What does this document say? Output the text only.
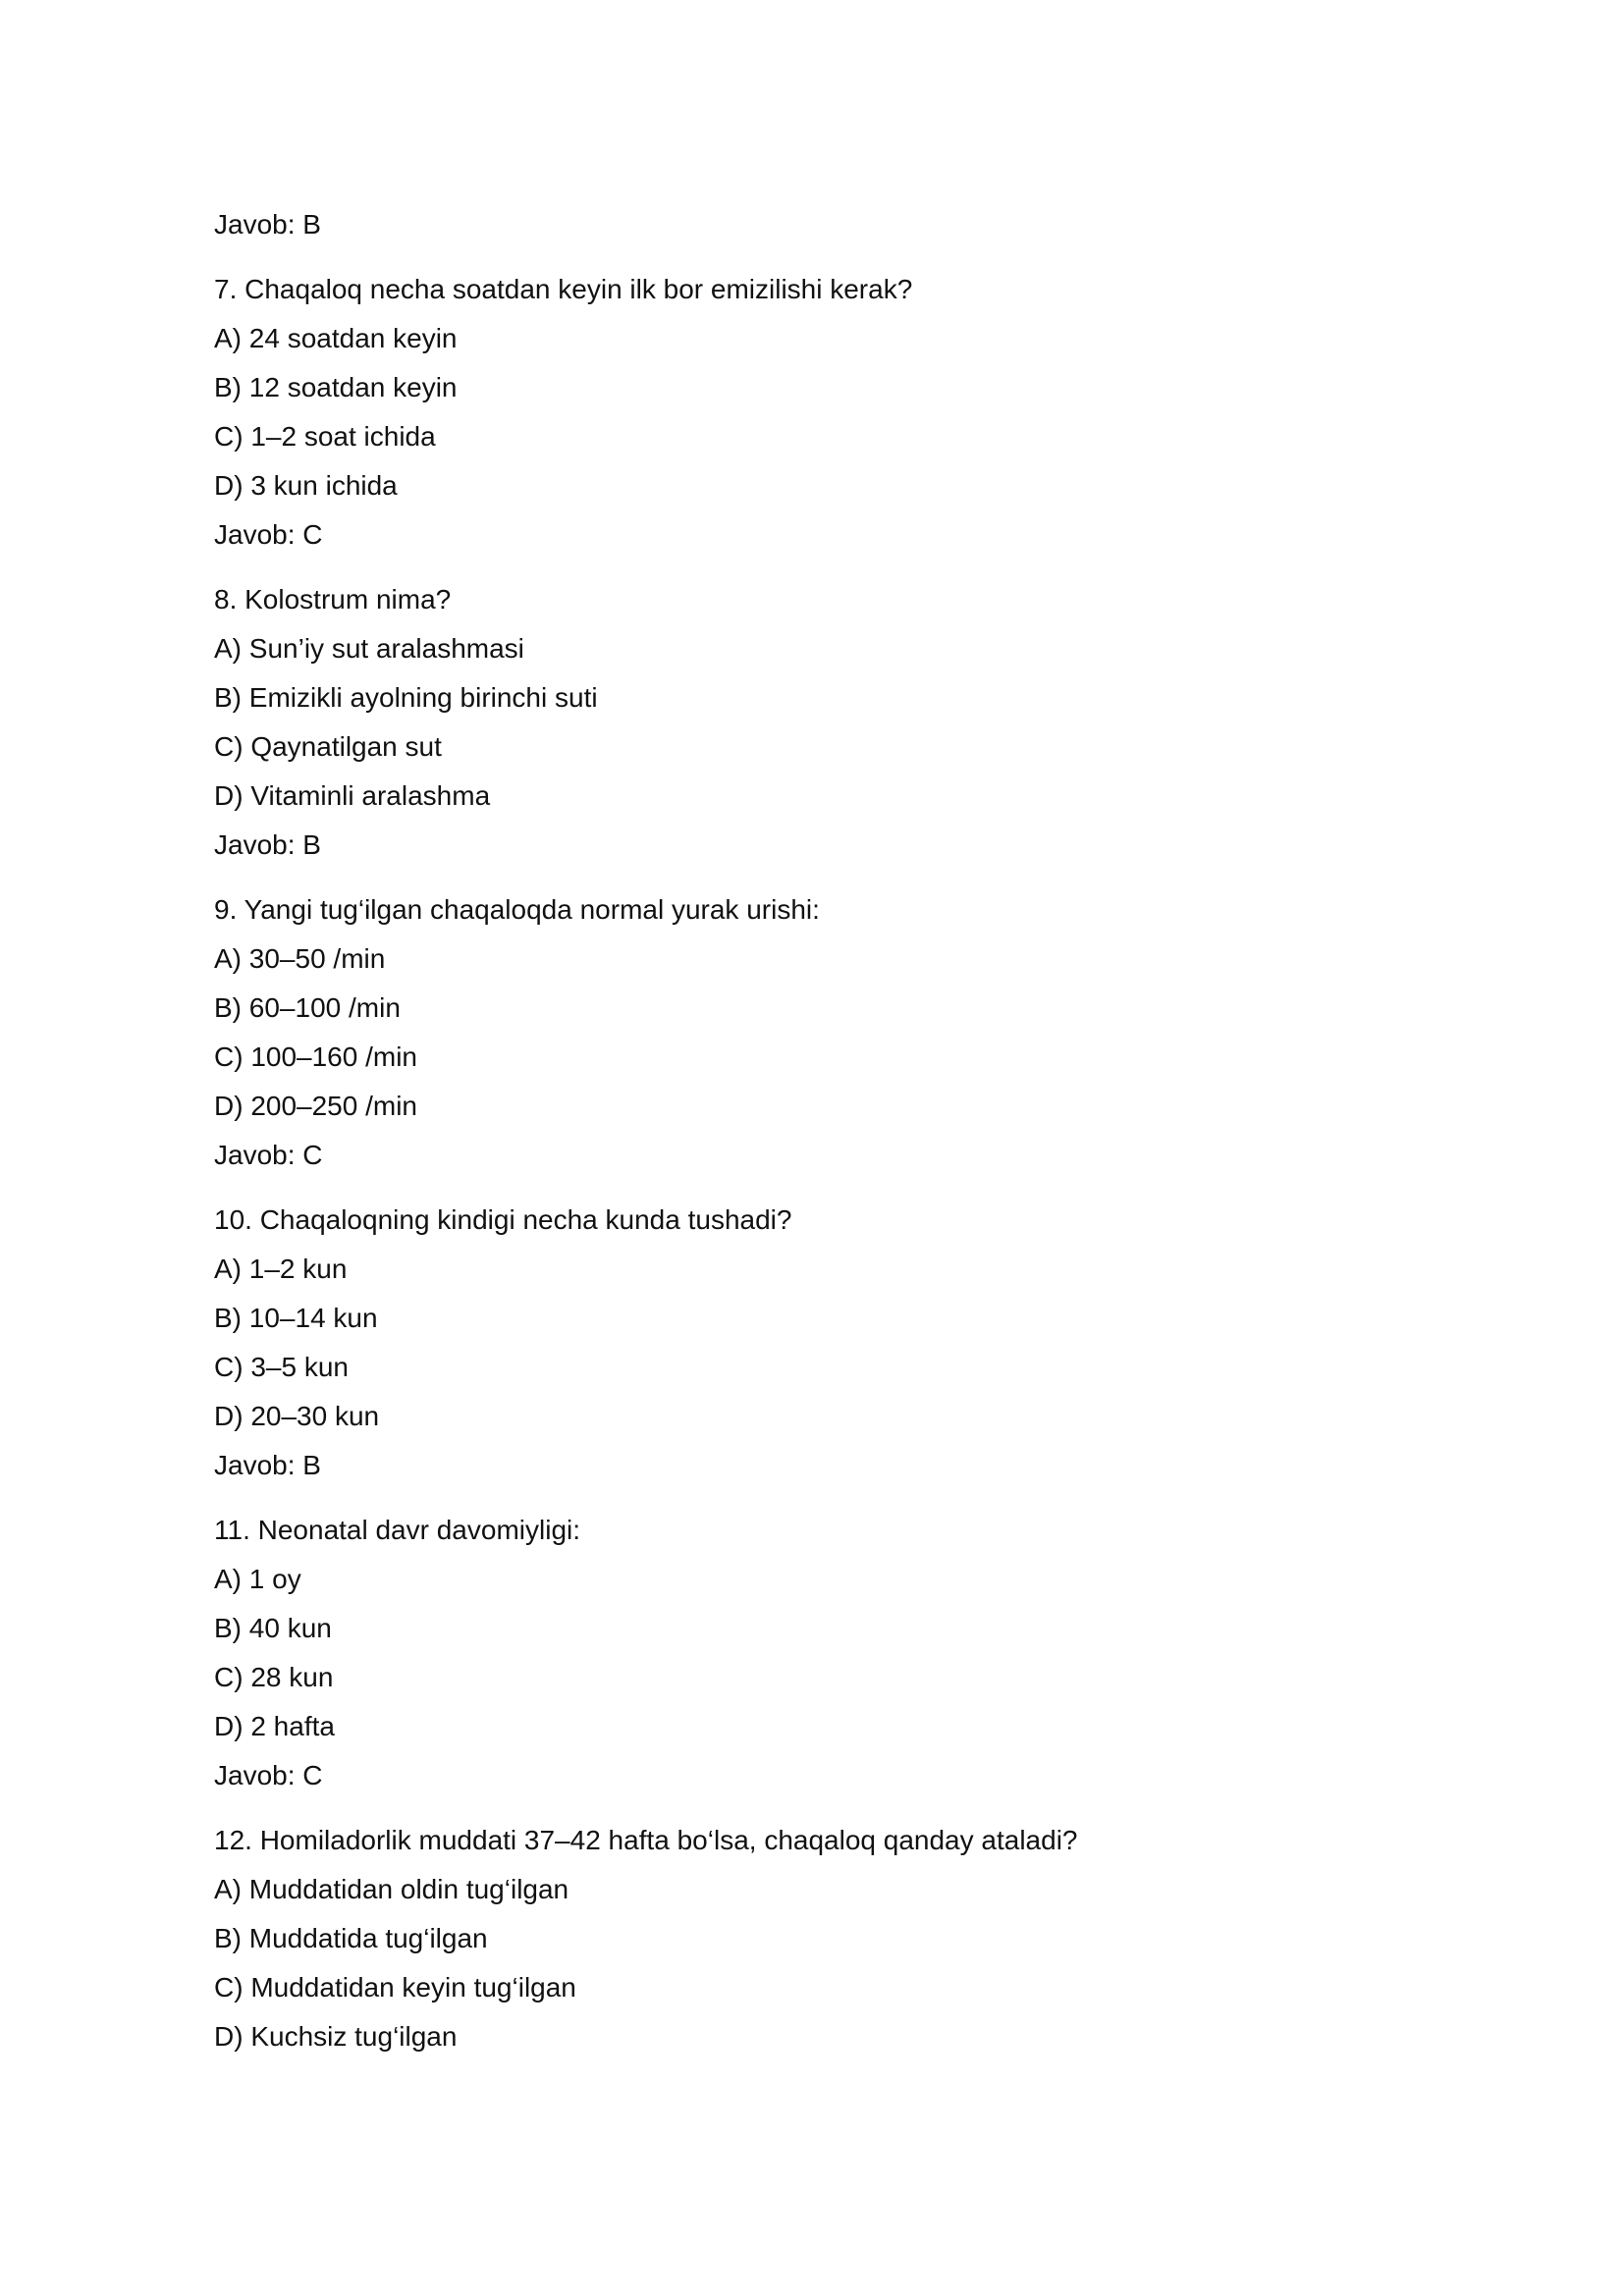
Javob: B

7. Chaqaloq necha soatdan keyin ilk bor emizilishi kerak?

A) 24 soatdan keyin

B) 12 soatdan keyin

C) 1–2 soat ichida

D) 3 kun ichida

Javob: C

8. Kolostrum nima?

A) Sun’iy sut aralashmasi

B) Emizikli ayolning birinchi suti

C) Qaynatilgan sut

D) Vitaminli aralashma

Javob: B

9. Yangi tug‘ilgan chaqaloqda normal yurak urishi:

A) 30–50 /min

B) 60–100 /min

C) 100–160 /min

D) 200–250 /min

Javob: C

10. Chaqaloqning kindigi necha kunda tushadi?

A) 1–2 kun

B) 10–14 kun

C) 3–5 kun

D) 20–30 kun

Javob: B

11. Neonatal davr davomiyligi:

A) 1 oy

B) 40 kun

C) 28 kun

D) 2 hafta

Javob: C

12. Homiladorlik muddati 37–42 hafta bo‘lsa, chaqaloq qanday ataladi?

A) Muddatidan oldin tug‘ilgan

B) Muddatida tug‘ilgan

C) Muddatidan keyin tug‘ilgan

D) Kuchsiz tug‘ilgan
